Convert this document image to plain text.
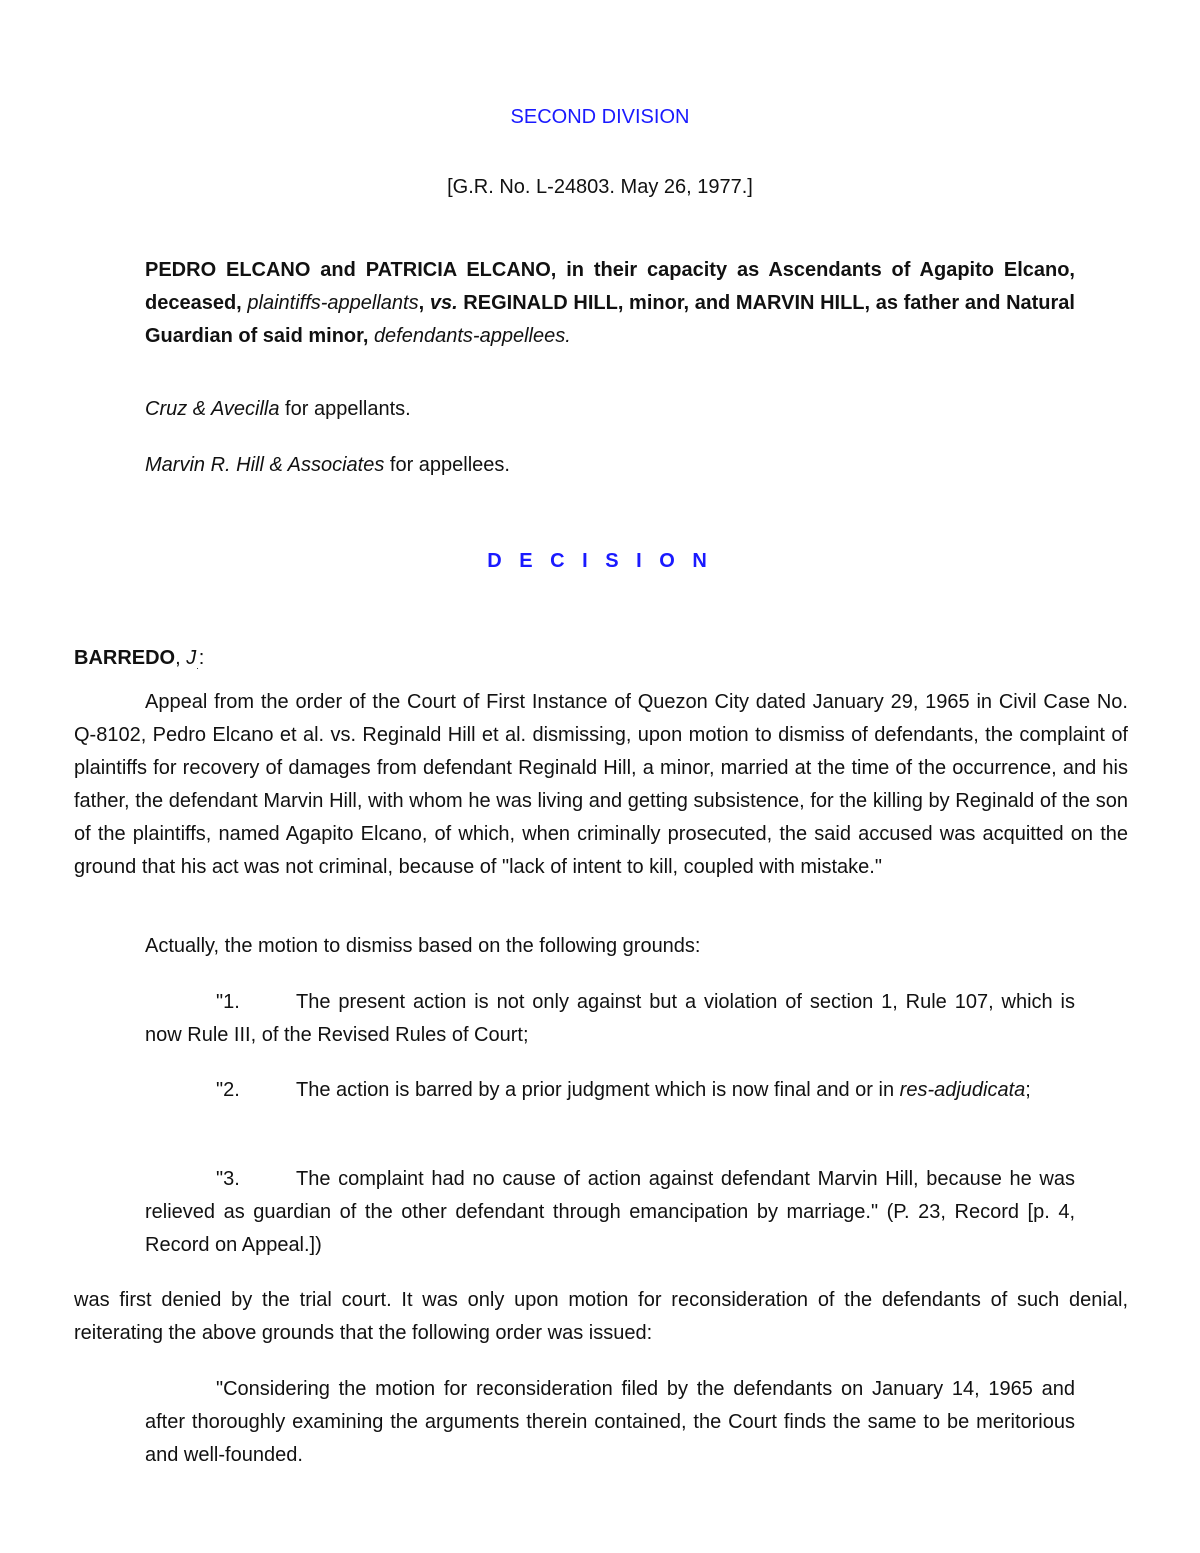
SECOND DIVISION
[G.R. No. L-24803. May 26, 1977.]
PEDRO ELCANO and PATRICIA ELCANO, in their capacity as Ascendants of Agapito Elcano, deceased, plaintiffs-appellants, vs. REGINALD HILL, minor, and MARVIN HILL, as father and Natural Guardian of said minor, defendants-appellees.
Cruz & Avecilla for appellants.
Marvin R. Hill & Associates for appellees.
D E C I S I O N
BARREDO, $J_.$:
Appeal from the order of the Court of First Instance of Quezon City dated January 29, 1965 in Civil Case No. Q-8102, Pedro Elcano et al. vs. Reginald Hill et al. dismissing, upon motion to dismiss of defendants, the complaint of plaintiffs for recovery of damages from defendant Reginald Hill, a minor, married at the time of the occurrence, and his father, the defendant Marvin Hill, with whom he was living and getting subsistence, for the killing by Reginald of the son of the plaintiffs, named Agapito Elcano, of which, when criminally prosecuted, the said accused was acquitted on the ground that his act was not criminal, because of "lack of intent to kill, coupled with mistake."
Actually, the motion to dismiss based on the following grounds:
"1.	The present action is not only against but a violation of section 1, Rule 107, which is now Rule III, of the Revised Rules of Court;
"2.	The action is barred by a prior judgment which is now final and or in res-adjudicata;
"3.	The complaint had no cause of action against defendant Marvin Hill, because he was relieved as guardian of the other defendant through emancipation by marriage." (P. 23, Record [p. 4, Record on Appeal.])
was first denied by the trial court. It was only upon motion for reconsideration of the defendants of such denial, reiterating the above grounds that the following order was issued:
"Considering the motion for reconsideration filed by the defendants on January 14, 1965 and after thoroughly examining the arguments therein contained, the Court finds the same to be meritorious and well-founded.
